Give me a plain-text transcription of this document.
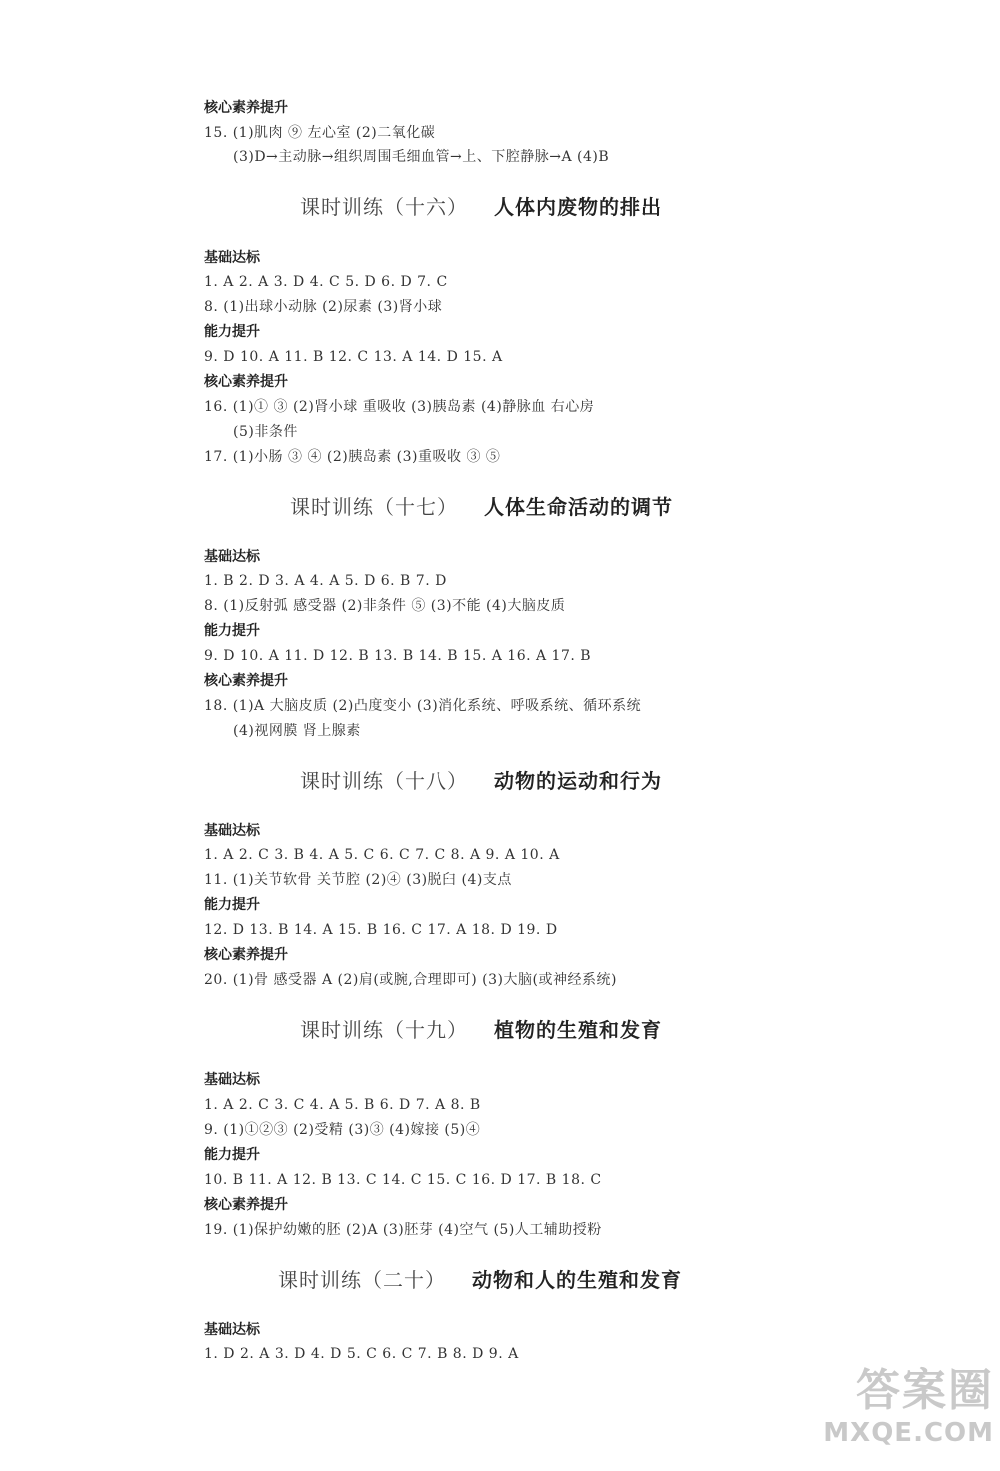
核心素养提升
15. (1)肌肉 ⑨ 左心室 (2)二氧化碳
(3)D→主动脉→组织周围毛细血管→上、下腔静脉→A (4)B
课时训练（十六） 人体内废物的排出
基础达标
1. A 2. A 3. D 4. C 5. D 6. D 7. C
8. (1)出球小动脉 (2)尿素 (3)肾小球
能力提升
9. D 10. A 11. B 12. C 13. A 14. D 15. A
核心素养提升
16. (1)① ③ (2)肾小球 重吸收 (3)胰岛素 (4)静脉血 右心房
(5)非条件
17. (1)小肠 ③ ④ (2)胰岛素 (3)重吸收 ③ ⑤
课时训练（十七） 人体生命活动的调节
基础达标
1. B 2. D 3. A 4. A 5. D 6. B 7. D
8. (1)反射弧 感受器 (2)非条件 ⑤ (3)不能 (4)大脑皮质
能力提升
9. D 10. A 11. D 12. B 13. B 14. B 15. A 16. A 17. B
核心素养提升
18. (1)A 大脑皮质 (2)凸度变小 (3)消化系统、呼吸系统、循环系统
(4)视网膜 肾上腺素
课时训练（十八） 动物的运动和行为
基础达标
1. A 2. C 3. B 4. A 5. C 6. C 7. C 8. A 9. A 10. A
11. (1)关节软骨 关节腔 (2)④ (3)脱臼 (4)支点
能力提升
12. D 13. B 14. A 15. B 16. C 17. A 18. D 19. D
核心素养提升
20. (1)骨 感受器 A (2)肩(或腕,合理即可) (3)大脑(或神经系统)
课时训练（十九） 植物的生殖和发育
基础达标
1. A 2. C 3. C 4. A 5. B 6. D 7. A 8. B
9. (1)①②③ (2)受精 (3)③ (4)嫁接 (5)④
能力提升
10. B 11. A 12. B 13. C 14. C 15. C 16. D 17. B 18. C
核心素养提升
19. (1)保护幼嫩的胚 (2)A (3)胚芽 (4)空气 (5)人工辅助授粉
课时训练（二十） 动物和人的生殖和发育
基础达标
1. D 2. A 3. D 4. D 5. C 6. C 7. B 8. D 9. A
答案圈
MXQE.COM
